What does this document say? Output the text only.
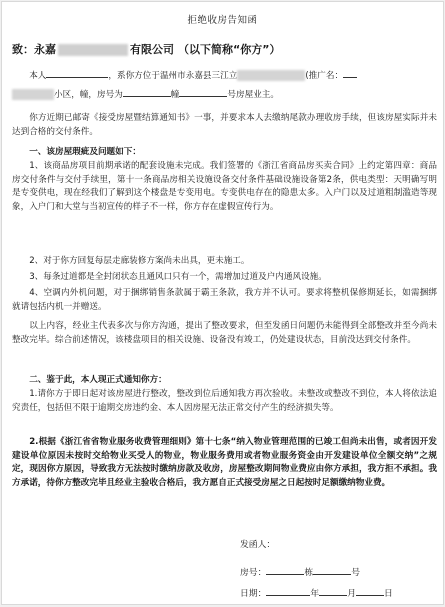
拒绝收房告知函
致：永嘉	有限公司 （以下简称“你方”）
本人	，系你方位于温州市永嘉县三江立	(推广名：
小区，幢，房号为	幢	号房屋业主。
你方近期已邮寄《接受房屋暨结算通知书》一事，并要求本人去缴纳尾款办理收房手续，但该房屋实际并未达到合格的交付条件。
一、该房屋瑕疵及问题如下：
1、该商品房项目前期承诺的配套设施未完成。我们签署的《浙江省商品房买卖合同》上约定第四章：商品房交付条件与交付手续里，第十一条商品房相关设施设备交付条件基础设施设备第2条，供电类型：天明确写明是专变供电，现在经我们了解到这个楼盘是专变用电。专变供电存在的隐患太多。入户门以及过道粗制滥造等现象，入户门和大堂与当初宣传的样子不一样，你方存在虚假宣传行为。
2、对于你方回复每层走廊装修方案尚未出具，更未施工。
3、每条过道都是全封闭状态且通风口只有一个，需增加过道及户内通风设施。
4、空调内外机问题，对于捆绑销售条款属于霸王条款，我方并不认可。要求将整机保修期延长，如需捆绑就请包括内机一并赠送。
以上内容，经业主代表多次与你方沟通，提出了整改要求，但至发函日问题仍未能得到全部整改并至今尚未整改完毕。综合前述情况，该楼盘项目的相关设施、设备没有竣工，仍处建设状态，目前没达到交付条件。
二、鉴于此，本人现正式通知你方：
1.请你方于即日起对该房屋进行整改，整改到位后通知我方再次验收。未整改或整改不到位，本人将依法追究责任，包括但不限于逾期交房违约金、本人因房屋无法正常交付产生的经济损失等。
2.根据《浙江省省物业服务收费管理细则》第十七条“纳入物业管理范围的已竣工但尚未出售，或者因开发建设单位原因未按时交给物业买受人的物业，物业服务费用或者物业服务资金由开发建设单位全额交纳”之规定，现因你方原因，导致我方无法按时缴纳房款及收房，房屋整改期间物业费应由你方承担，我方拒不承担。我方承诺，待你方整改完毕且经业主验收合格后，我方愿自正式接受房屋之日起按时足额缴纳物业费。
发函人：
房号：	栋	号
日期：	年	月	日
